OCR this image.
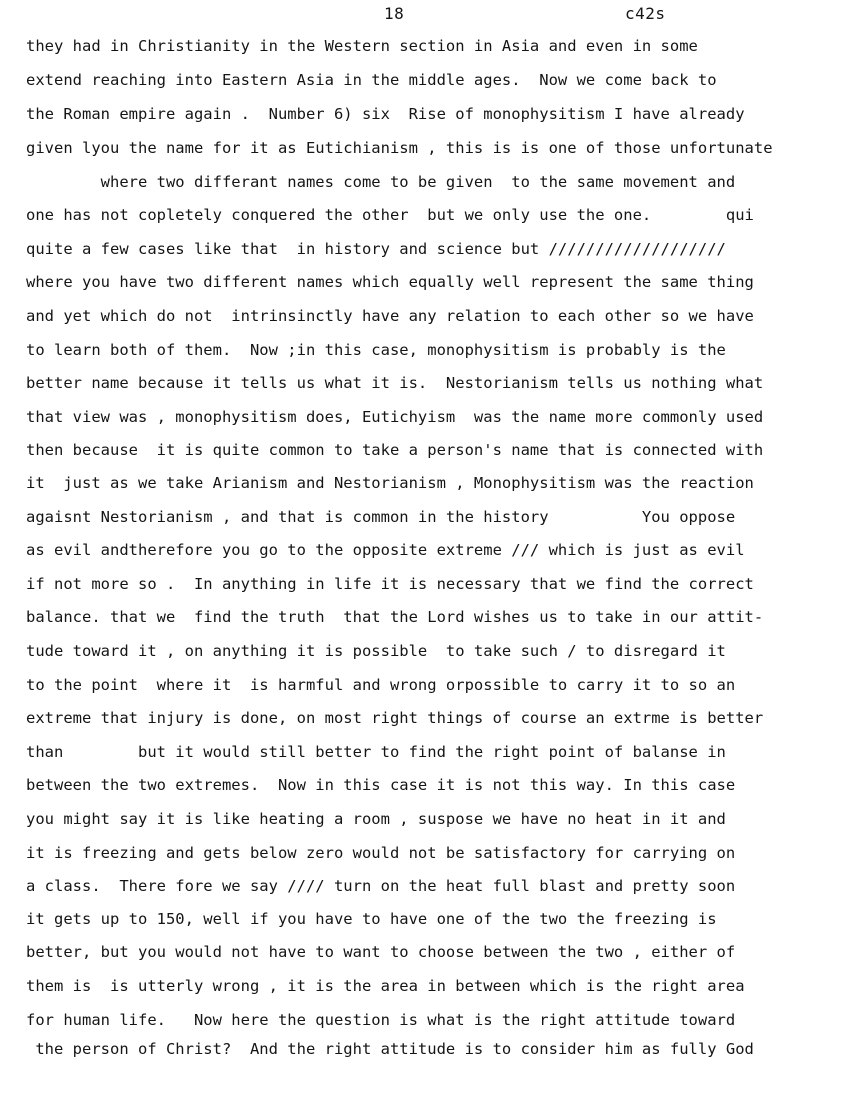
18	c42s
they had in Christianity in the Western section in Asia and even in some
extend reaching into Eastern Asia in the middle ages.  Now we come back to
the Roman empire again .  Number 6) six  Rise of monophysitism I have already
given lyou the name for it as Eutichianism , this is is one of those unfortunate
where two differant names come to be given  to the same movement and
one has not copletely conquered the other  but we only use the one.        qui
quite a few cases like that  in history and science but ///////////////////
where you have two different names which equally well represent the same thing
and yet which do not  intrinsinctly have any relation to each other so we have
to learn both of them.  Now ;in this case, monophysitism is probably is the
better name because it tells us what it is.  Nestorianism tells us nothing what
that view was , monophysitism does, Eutichyism  was the name more commonly used
then because  it is quite common to take a person's name that is connected with
it  just as we take Arianism and Nestorianism , Monophysitism was the reaction
agaisnt Nestorianism , and that is common in the history          You oppose
as evil andtherefore you go to the opposite extreme /// which is just as evil
if not more so .  In anything in life it is necessary that we find the correct
balance. that we  find the truth  that the Lord wishes us to take in our attit-
tude toward it , on anything it is possible  to take such / to disregard it
to the point  where it  is harmful and wrong orpossible to carry it to so an
extreme that injury is done, on most right things of course an extrme is better
than        but it would still better to find the right point of balanse in
between the two extremes.  Now in this case it is not this way. In this case
you might say it is like heating a room , suspose we have no heat in it and
it is freezing and gets below zero would not be satisfactory for carrying on
a class.  There fore we say //// turn on the heat full blast and pretty soon
it gets up to 150, well if you have to have one of the two the freezing is
better, but you would not have to want to choose between the two , either of
them is  is utterly wrong , it is the area in between which is the right area
for human life.   Now here the question is what is the right attitude toward
the person of Christ?  And the right attitude is to consider him as fully God
